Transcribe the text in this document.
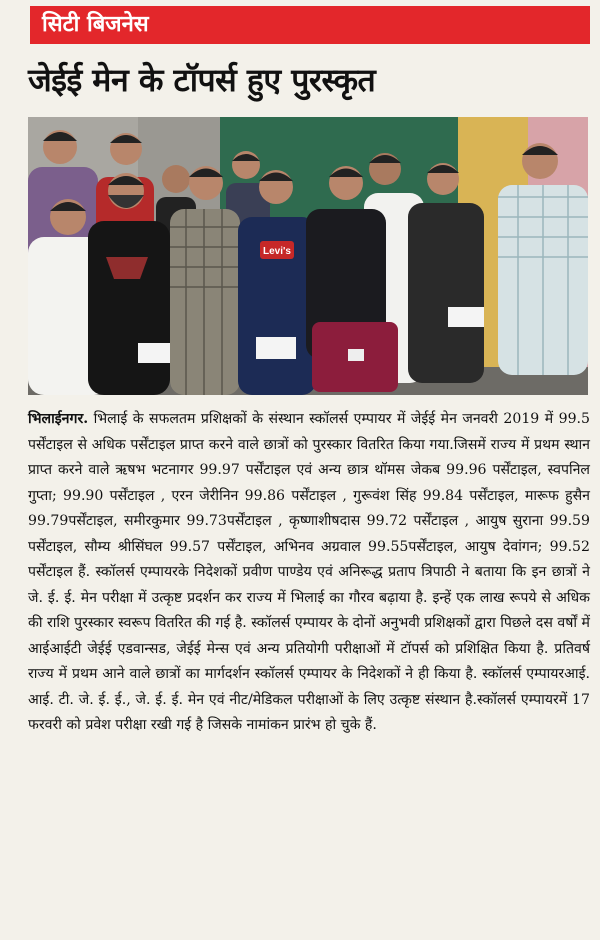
सिटी बिजनेस
जेईई मेन के टॉपर्स हुए पुरस्कृत
Levi's
भिलाईनगर. भिलाई के सफलतम प्रशिक्षकों के संस्थान स्कॉलर्स एम्पायर में जेईई मेन जनवरी 2019 में 99.5 पर्सेंटाइल से अधिक पर्सेंटाइल प्राप्त करने वाले छात्रों को पुरस्कार वितरित किया गया.जिसमें राज्य में प्रथम स्थान प्राप्त करने वाले ऋषभ भटनागर 99.97 पर्सेंटाइल एवं अन्य छात्र थॉमस जेकब 99.96 पर्सेंटाइल, स्वपनिल गुप्ता; 99.90 पर्सेंटाइल , एरन जेरीनिन 99.86 पर्सेंटाइल , गुरूवंश सिंह 99.84 पर्सेंटाइल, मारूफ हुसैन 99.79पर्सेंटाइल, समीरकुमार 99.73पर्सेंटाइल , कृष्णाशीषदास 99.72 पर्सेंटाइल , आयुष सुराना 99.59 पर्सेंटाइल, सौम्य श्रीसिंघल 99.57 पर्सेंटाइल, अभिनव अग्रवाल 99.55पर्सेंटाइल, आयुष देवांगन; 99.52 पर्सेंटाइल हैं. स्कॉलर्स एम्पायरके निदेशकों प्रवीण पाण्डेय एवं अनिरूद्ध प्रताप त्रिपाठी ने बताया कि इन छात्रों ने जे. ई. ई. मेन परीक्षा में उत्कृष्ट प्रदर्शन कर राज्य में भिलाई का गौरव बढ़ाया है. इन्हें एक लाख रूपये से अधिक की राशि पुरस्कार स्वरूप वितरित की गई है. स्कॉलर्स एम्पायर के दोनों अनुभवी प्रशिक्षकों द्वारा पिछले दस वर्षों में आईआईटी जेईई एडवान्सड, जेईई मेन्स एवं अन्य प्रतियोगी परीक्षाओं में टॉपर्स को प्रशिक्षित किया है. प्रतिवर्ष राज्य में प्रथम आने वाले छात्रों का मार्गदर्शन स्कॉलर्स एम्पायर के निदेशकों ने ही किया है. स्कॉलर्स एम्पायरआई. आई. टी. जे. ई. ई., जे. ई. ई. मेन एवं नीट/मेडिकल परीक्षाओं के लिए उत्कृष्ट संस्थान है.स्कॉलर्स एम्पायरमें 17 फरवरी को प्रवेश परीक्षा रखी गई है जिसके नामांकन प्रारंभ हो चुके हैं.
